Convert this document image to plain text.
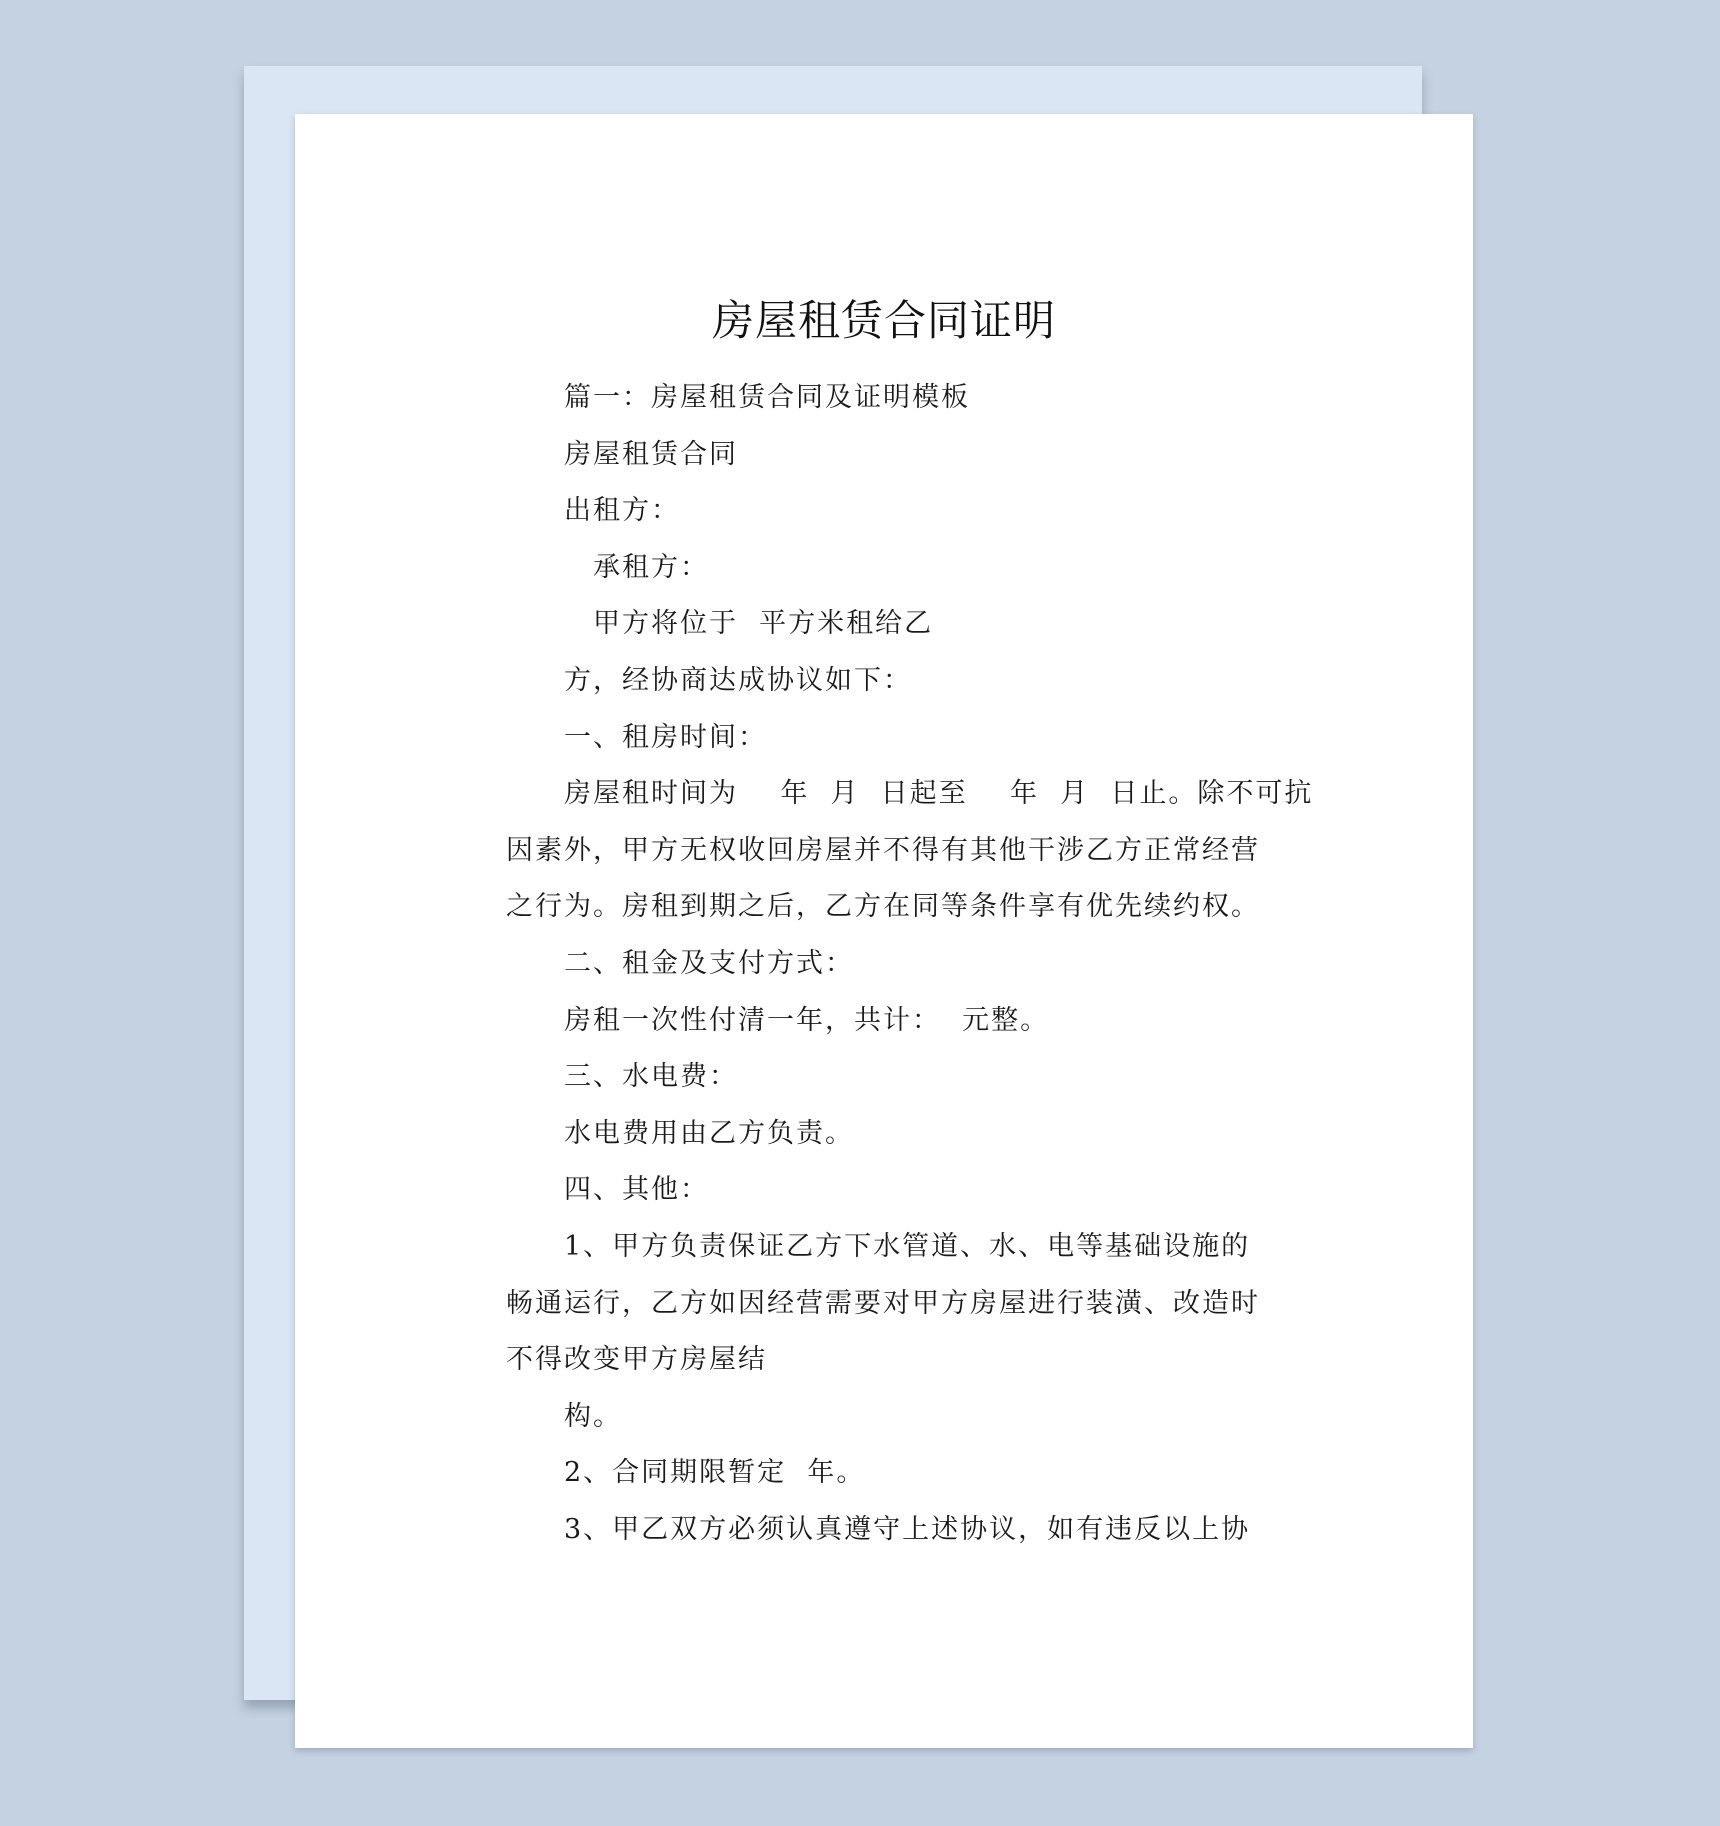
房屋租赁合同证明

篇一：房屋租赁合同及证明模板

房屋租赁合同

出租方：

承租方：

甲方将位于  平方米租给乙

方，经协商达成协议如下：

一、租房时间：

房屋租时间为    年  月  日起至    年  月  日止。除不可抗

因素外，甲方无权收回房屋并不得有其他干涉乙方正常经营

之行为。房租到期之后，乙方在同等条件享有优先续约权。

二、租金及支付方式：

房租一次性付清一年，共计：  元整。

三、水电费：

水电费用由乙方负责。

四、其他：

1、甲方负责保证乙方下水管道、水、电等基础设施的

畅通运行，乙方如因经营需要对甲方房屋进行装潢、改造时

不得改变甲方房屋结

构。

2、合同期限暂定  年。

3、甲乙双方必须认真遵守上述协议，如有违反以上协
